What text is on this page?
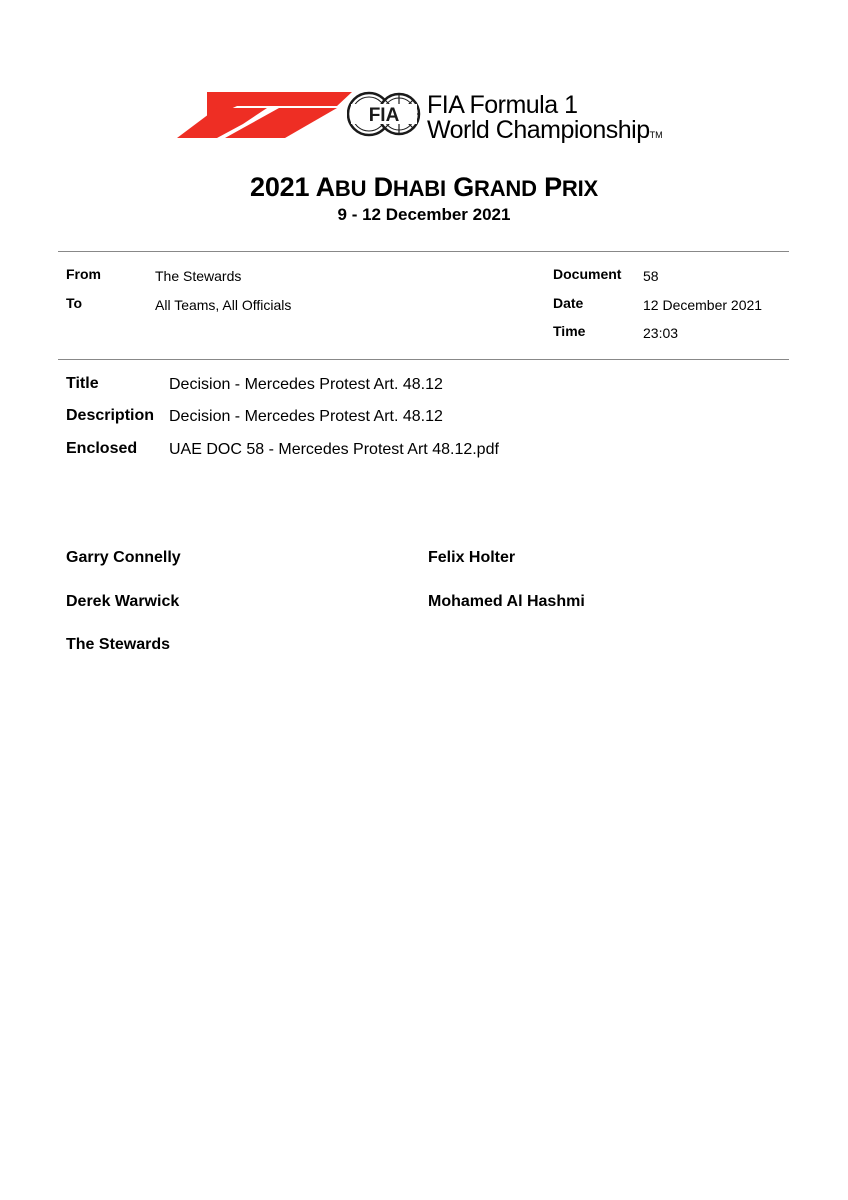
FIA FIA Formula 1
World ChampionshipTM
2021 ABU DHABI GRAND PRIX
9 - 12 December 2021
From	The Stewards
To	All Teams, All Officials
Document 58
Date	12 December 2021
Time	23:03
Title	Decision - Mercedes Protest Art. 48.12
Description Decision - Mercedes Protest Art. 48.12
Enclosed UAE DOC 58 - Mercedes Protest Art 48.12.pdf
Garry Connelly	Felix Holter
Derek Warwick	Mohamed Al Hashmi
The Stewards
